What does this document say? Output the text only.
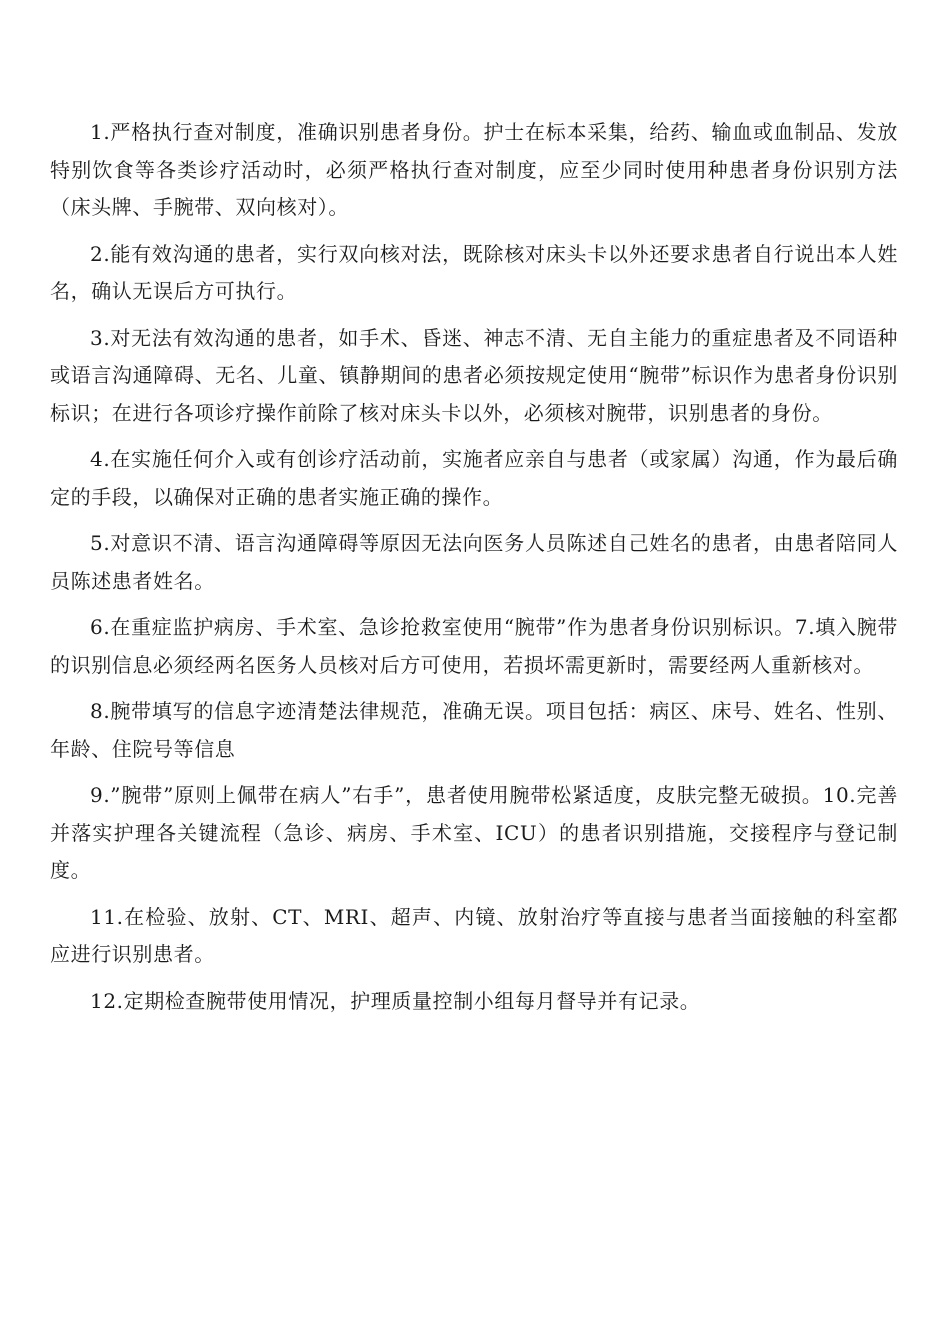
1.严格执行查对制度，准确识别患者身份。护士在标本采集，给药、输血或血制品、发放特别饮食等各类诊疗活动时，必须严格执行查对制度，应至少同时使用种患者身份识别方法（床头牌、手腕带、双向核对）。

2.能有效沟通的患者，实行双向核对法，既除核对床头卡以外还要求患者自行说出本人姓名，确认无误后方可执行。

3.对无法有效沟通的患者，如手术、昏迷、神志不清、无自主能力的重症患者及不同语种或语言沟通障碍、无名、儿童、镇静期间的患者必须按规定使用“腕带”标识作为患者身份识别标识；在进行各项诊疗操作前除了核对床头卡以外，必须核对腕带，识别患者的身份。

4.在实施任何介入或有创诊疗活动前，实施者应亲自与患者（或家属）沟通，作为最后确定的手段，以确保对正确的患者实施正确的操作。

5.对意识不清、语言沟通障碍等原因无法向医务人员陈述自己姓名的患者，由患者陪同人员陈述患者姓名。

6.在重症监护病房、手术室、急诊抢救室使用“腕带”作为患者身份识别标识。7.填入腕带的识别信息必须经两名医务人员核对后方可使用，若损坏需更新时，需要经两人重新核对。

8.腕带填写的信息字迹清楚法律规范，准确无误。项目包括：病区、床号、姓名、性别、年龄、住院号等信息

9.”腕带”原则上佩带在病人”右手”，患者使用腕带松紧适度，皮肤完整无破损。10.完善并落实护理各关键流程（急诊、病房、手术室、ICU）的患者识别措施，交接程序与登记制度。

11.在检验、放射、CT、MRI、超声、内镜、放射治疗等直接与患者当面接触的科室都应进行识别患者。

12.定期检查腕带使用情况，护理质量控制小组每月督导并有记录。
